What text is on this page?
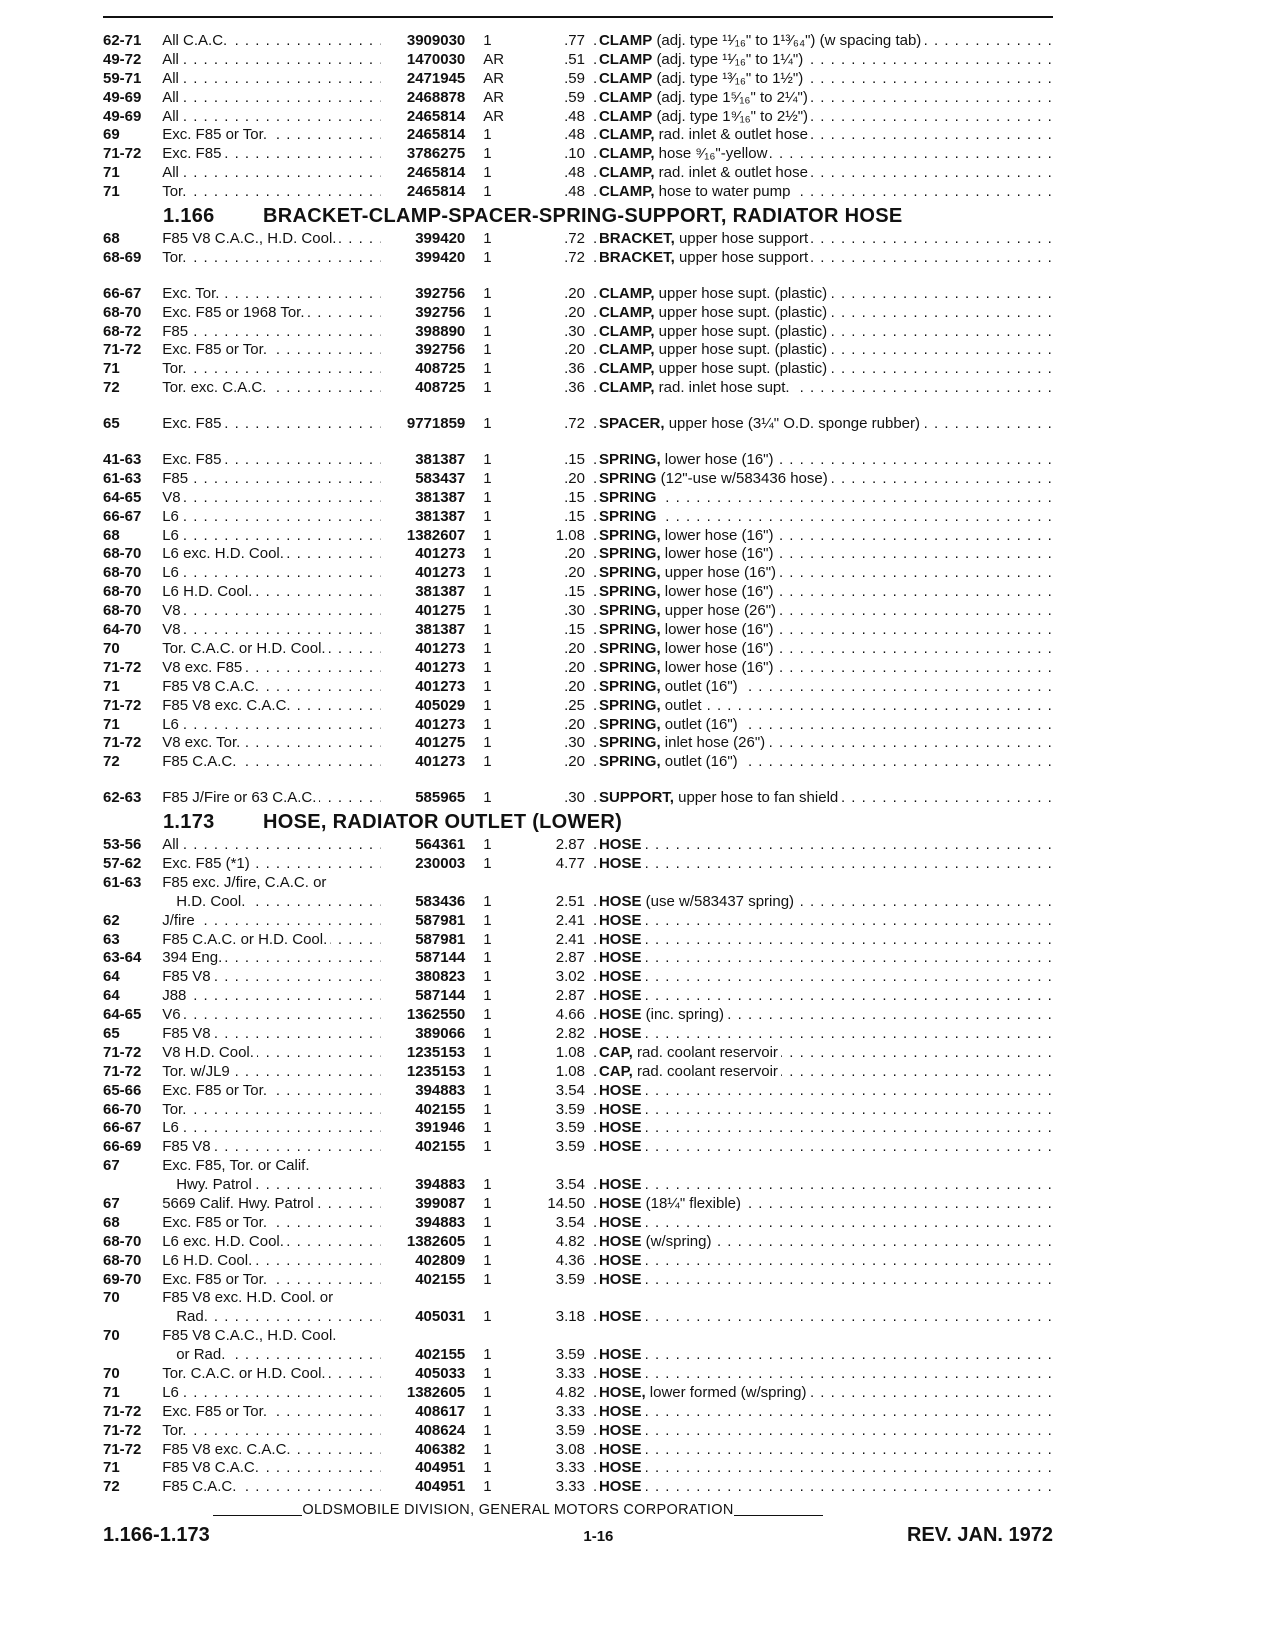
62-71	All C.A.C. . . .	3909030	1	.77 CLAMP (adj. type ¹¹⁄₁₆" to 1¹³⁄₆₄") (w spacing tab) . . .
49-72	All . . .	1470030	AR	.51 CLAMP (adj. type ¹¹⁄₁₆" to 1¼") . . .
59-71	All . . .	2471945	AR	.59 CLAMP (adj. type ¹³⁄₁₆" to 1½") . . .
49-69	All . . .	2468878	AR	.59 CLAMP (adj. type 1⁵⁄₁₆" to 2¼") . . .
49-69	All . . .	2465814	AR	.48 CLAMP (adj. type 1⁹⁄₁₆" to 2½") . . .
69	Exc. F85 or Tor. . . .	2465814	1	.48 CLAMP, rad. inlet & outlet hose . . .
71-72	Exc. F85 . . .	3786275	1	.10 CLAMP, hose ⁹⁄₁₆"-yellow . . .
71	All . . .	2465814	1	.48 CLAMP, rad. inlet & outlet hose . . .
71	Tor. . . .	2465814	1	.48 CLAMP, hose to water pump . . .
1.166	BRACKET-CLAMP-SPACER-SPRING-SUPPORT, RADIATOR HOSE
68	F85 V8 C.A.C., H.D. Cool. . . .	399420	1	.72 BRACKET, upper hose support . . .
68-69	Tor. . . .	399420	1	.72 BRACKET, upper hose support . . .
66-67	Exc. Tor. . . .	392756	1	.20 CLAMP, upper hose supt. (plastic) . . .
68-70	Exc. F85 or 1968 Tor. . . .	392756	1	.20 CLAMP, upper hose supt. (plastic) . . .
68-72	F85 . . .	398890	1	.30 CLAMP, upper hose supt. (plastic) . . .
71-72	Exc. F85 or Tor. . . .	392756	1	.20 CLAMP, upper hose supt. (plastic) . . .
71	Tor. . . .	408725	1	.36 CLAMP, upper hose supt. (plastic) . . .
72	Tor. exc. C.A.C. . . .	408725	1	.36 CLAMP, rad. inlet hose supt. . . .
65	Exc. F85 . . .	9771859	1	.72 SPACER, upper hose (3¼" O.D. sponge rubber) . . .
41-63	Exc. F85 . . .	381387	1	.15 SPRING, lower hose (16") . . .
61-63	F85 . . .	583437	1	.20 SPRING (12"-use w/583436 hose) . . .
64-65	V8 . . .	381387	1	.15 SPRING . . .
66-67	L6 . . .	381387	1	.15 SPRING . . .
68	L6 . . .	1382607	1	1.08 SPRING, lower hose (16") . . .
68-70	L6 exc. H.D. Cool. . . .	401273	1	.20 SPRING, lower hose (16") . . .
68-70	L6 . . .	401273	1	.20 SPRING, upper hose (16") . . .
68-70	L6 H.D. Cool. . . .	381387	1	.15 SPRING, lower hose (16") . . .
68-70	V8 . . .	401275	1	.30 SPRING, upper hose (26") . . .
64-70	V8 . . .	381387	1	.15 SPRING, lower hose (16") . . .
70	Tor. C.A.C. or H.D. Cool. . . .	401273	1	.20 SPRING, lower hose (16") . . .
71-72	V8 exc. F85 . . .	401273	1	.20 SPRING, lower hose (16") . . .
71	F85 V8 C.A.C. . . .	401273	1	.20 SPRING, outlet (16") . . .
71-72	F85 V8 exc. C.A.C. . . .	405029	1	.25 SPRING, outlet . . .
71	L6 . . .	401273	1	.20 SPRING, outlet (16") . . .
71-72	V8 exc. Tor. . . .	401275	1	.30 SPRING, inlet hose (26") . . .
72	F85 C.A.C. . . .	401273	1	.20 SPRING, outlet (16") . . .
62-63	F85 J/Fire or 63 C.A.C. . . .	585965	1	.30 SUPPORT, upper hose to fan shield . . .
1.173	HOSE, RADIATOR OUTLET (LOWER)
53-56	All . . .	564361	1	2.87 HOSE . . .
57-62	Exc. F85 (*1) . . .	230003	1	4.77 HOSE . . .
61-63	F85 exc. J/fire, C.A.C. or
H.D. Cool. . . .	583436	1	2.51 HOSE (use w/583437 spring) . . .
62	J/fire . . .	587981	1	2.41 HOSE . . .
63	F85 C.A.C. or H.D. Cool. . . .	587981	1	2.41 HOSE . . .
63-64	394 Eng. . . .	587144	1	2.87 HOSE . . .
64	F85 V8 . . .	380823	1	3.02 HOSE . . .
64	J88 . . .	587144	1	2.87 HOSE . . .
64-65	V6 . . .	1362550	1	4.66 HOSE (inc. spring) . . .
65	F85 V8 . . .	389066	1	2.82 HOSE . . .
71-72	V8 H.D. Cool. . . .	1235153	1	1.08 CAP, rad. coolant reservoir . . .
71-72	Tor. w/JL9 . . .	1235153	1	1.08 CAP, rad. coolant reservoir . . .
65-66	Exc. F85 or Tor. . . .	394883	1	3.54 HOSE . . .
66-70	Tor. . . .	402155	1	3.59 HOSE . . .
66-67	L6 . . .	391946	1	3.59 HOSE . . .
66-69	F85 V8 . . .	402155	1	3.59 HOSE . . .
67	Exc. F85, Tor. or Calif.
Hwy. Patrol . . .	394883	1	3.54 HOSE . . .
67	5669 Calif. Hwy. Patrol . . .	399087	1	14.50 HOSE (18¼" flexible) . . .
68	Exc. F85 or Tor. . . .	394883	1	3.54 HOSE . . .
68-70	L6 exc. H.D. Cool. . . .	1382605	1	4.82 HOSE (w/spring) . . .
68-70	L6 H.D. Cool. . . .	402809	1	4.36 HOSE . . .
69-70	Exc. F85 or Tor. . . .	402155	1	3.59 HOSE . . .
70	F85 V8 exc. H.D. Cool. or
Rad. . . .	405031	1	3.18 HOSE . . .
70	F85 V8 C.A.C., H.D. Cool.
or Rad. . . .	402155	1	3.59 HOSE . . .
70	Tor. C.A.C. or H.D. Cool. . . .	405033	1	3.33 HOSE . . .
71	L6 . . .	1382605	1	4.82 HOSE, lower formed (w/spring) . . .
71-72	Exc. F85 or Tor. . . .	408617	1	3.33 HOSE . . .
71-72	Tor. . . .	408624	1	3.59 HOSE . . .
71-72	F85 V8 exc. C.A.C. . . .	406382	1	3.08 HOSE . . .
71	F85 V8 C.A.C. . . .	404951	1	3.33 HOSE . . .
72	F85 C.A.C. . . .	404951	1	3.33 HOSE . . .
OLDSMOBILE DIVISION, GENERAL MOTORS CORPORATION
1.166-1.173	1-16	REV. JAN. 1972
